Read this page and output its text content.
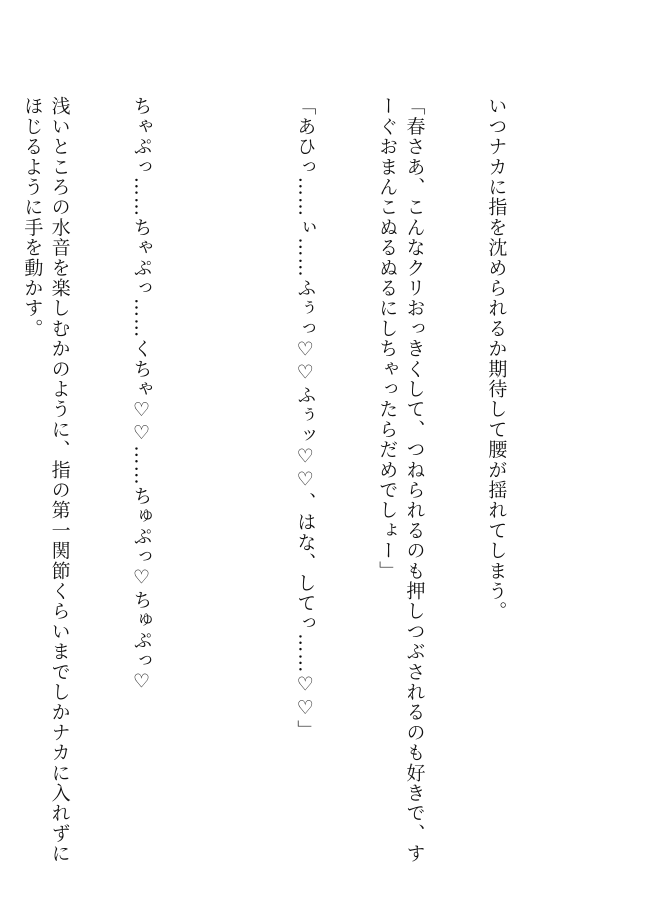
いつナカに指を沈められるか期待して腰が揺れてしまう。

「春さあ、こんなクリおっきくして、つねられるのも押しつぶされるのも好きで、すーぐおまんこぬるぬるにしちゃったらだめでしょー」

「あひっ……ぃ……ふぅっ♡♡ふぅッ♡♡、はな、してっ……♡♡」

ちゃぷっ……ちゃぷっ……くちゃ♡♡……ちゅぷっ♡ちゅぷっ♡

浅いところの水音を楽しむかのように、指の第一関節くらいまでしかナカに入れずにほじるように手を動かす。
